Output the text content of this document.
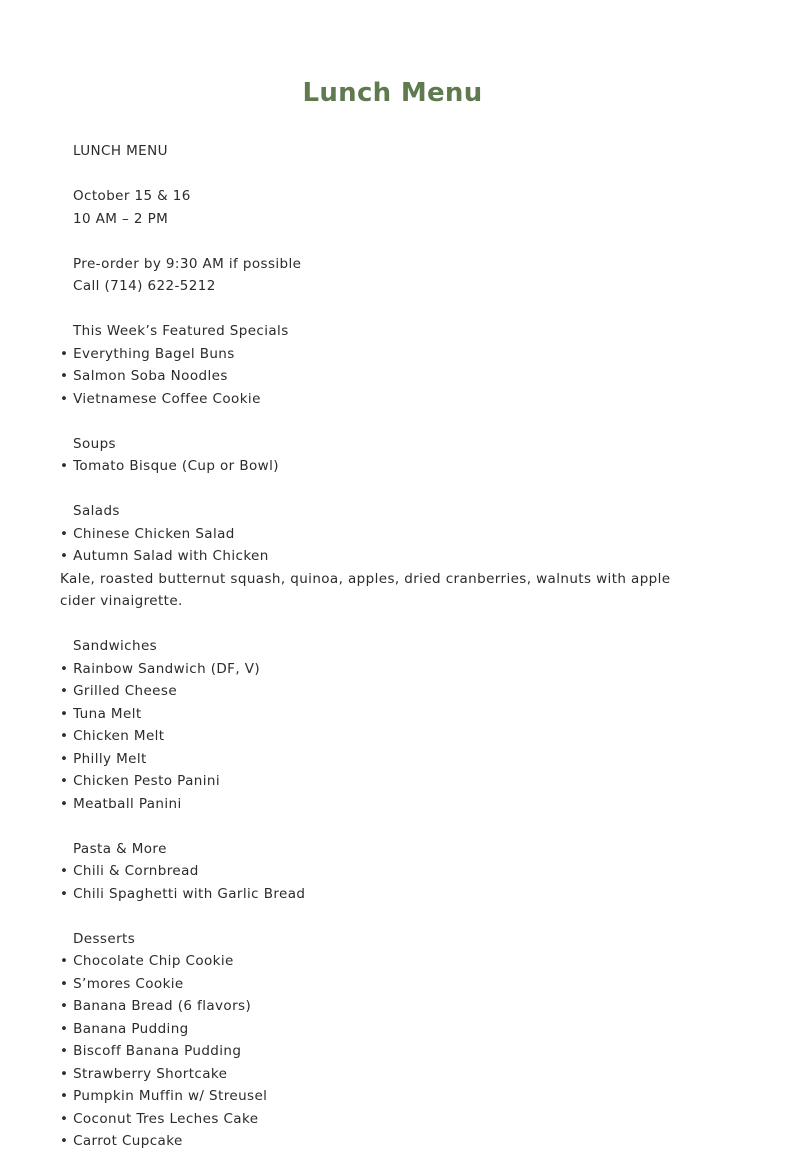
Lunch Menu
LUNCH MENU
October 15 & 16
10 AM – 2 PM
Pre-order by 9:30 AM if possible
Call (714) 622-5212
This Week’s Featured Specials
• Everything Bagel Buns
• Salmon Soba Noodles
• Vietnamese Coffee Cookie
Soups
• Tomato Bisque (Cup or Bowl)
Salads
• Chinese Chicken Salad
• Autumn Salad with Chicken
Kale, roasted butternut squash, quinoa, apples, dried cranberries, walnuts with apple cider vinaigrette.
Sandwiches
• Rainbow Sandwich (DF, V)
• Grilled Cheese
• Tuna Melt
• Chicken Melt
• Philly Melt
• Chicken Pesto Panini
• Meatball Panini
Pasta & More
• Chili & Cornbread
• Chili Spaghetti with Garlic Bread
Desserts
• Chocolate Chip Cookie
• S’mores Cookie
• Banana Bread (6 flavors)
• Banana Pudding
• Biscoff Banana Pudding
• Strawberry Shortcake
• Pumpkin Muffin w/ Streusel
• Coconut Tres Leches Cake
• Carrot Cupcake
